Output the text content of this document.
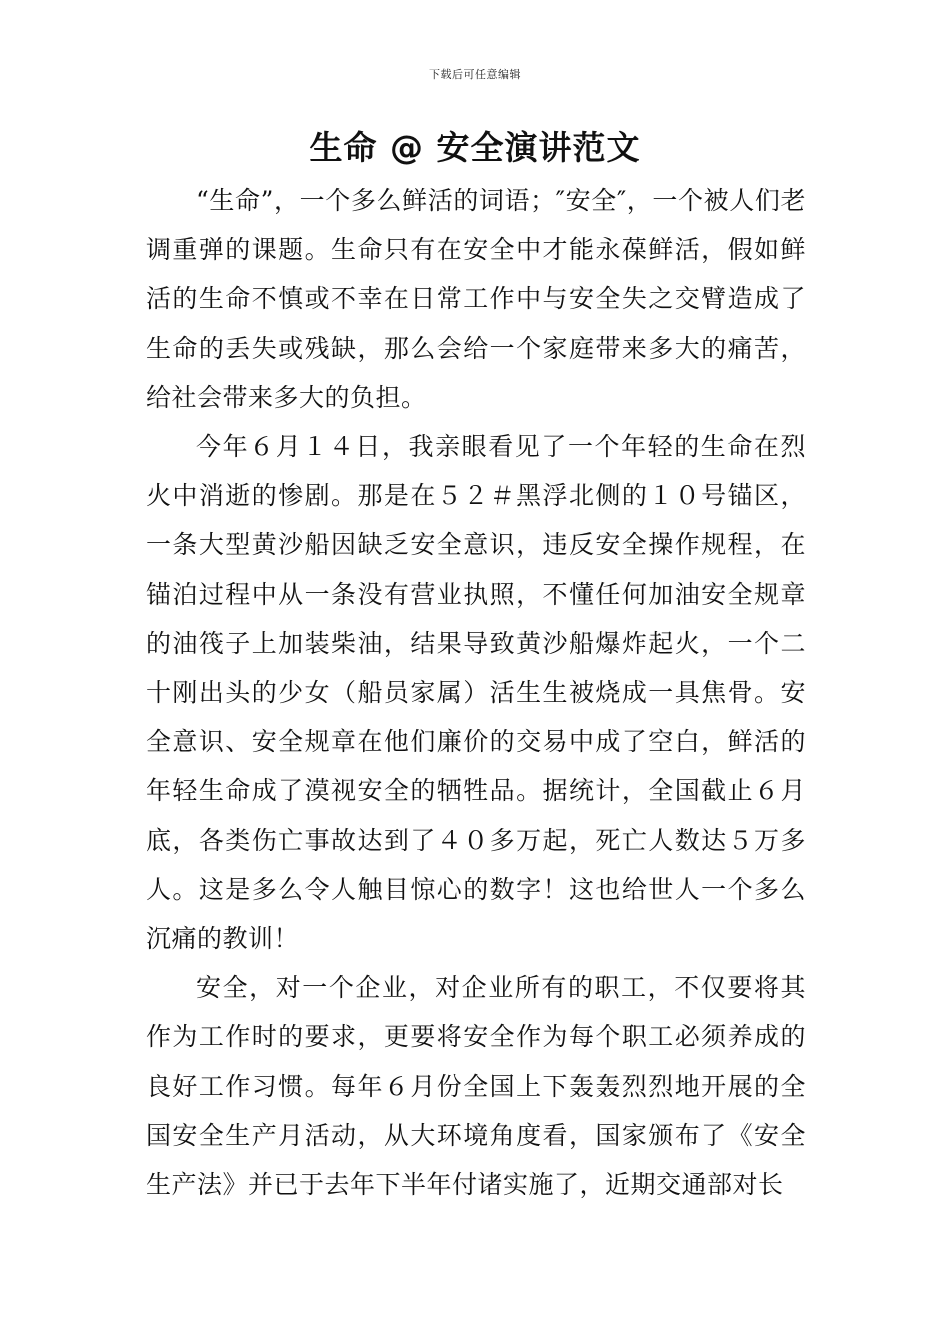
下载后可任意编辑
生命 @ 安全演讲范文

“生命”，一个多么鲜活的词语；″安全″，一个被人们老调重弹的课题。生命只有在安全中才能永葆鲜活，假如鲜活的生命不慎或不幸在日常工作中与安全失之交臂造成了生命的丢失或残缺，那么会给一个家庭带来多大的痛苦，给社会带来多大的负担。

今年６月１４日，我亲眼看见了一个年轻的生命在烈火中消逝的惨剧。那是在５２＃黑浮北侧的１０号锚区，一条大型黄沙船因缺乏安全意识，违反安全操作规程，在锚泊过程中从一条没有营业执照，不懂任何加油安全规章的油筏子上加装柴油，结果导致黄沙船爆炸起火，一个二十刚出头的少女（船员家属）活生生被烧成一具焦骨。安全意识、安全规章在他们廉价的交易中成了空白，鲜活的年轻生命成了漠视安全的牺牲品。据统计，全国截止６月底，各类伤亡事故达到了４０多万起，死亡人数达５万多人。这是多么令人触目惊心的数字！这也给世人一个多么沉痛的教训！

安全，对一个企业，对企业所有的职工，不仅要将其作为工作时的要求，更要将安全作为每个职工必须养成的良好工作习惯。每年６月份全国上下轰轰烈烈地开展的全国安全生产月活动，从大环境角度看，国家颁布了《安全生产法》并已于去年下半年付诸实施了，近期交通部对长
